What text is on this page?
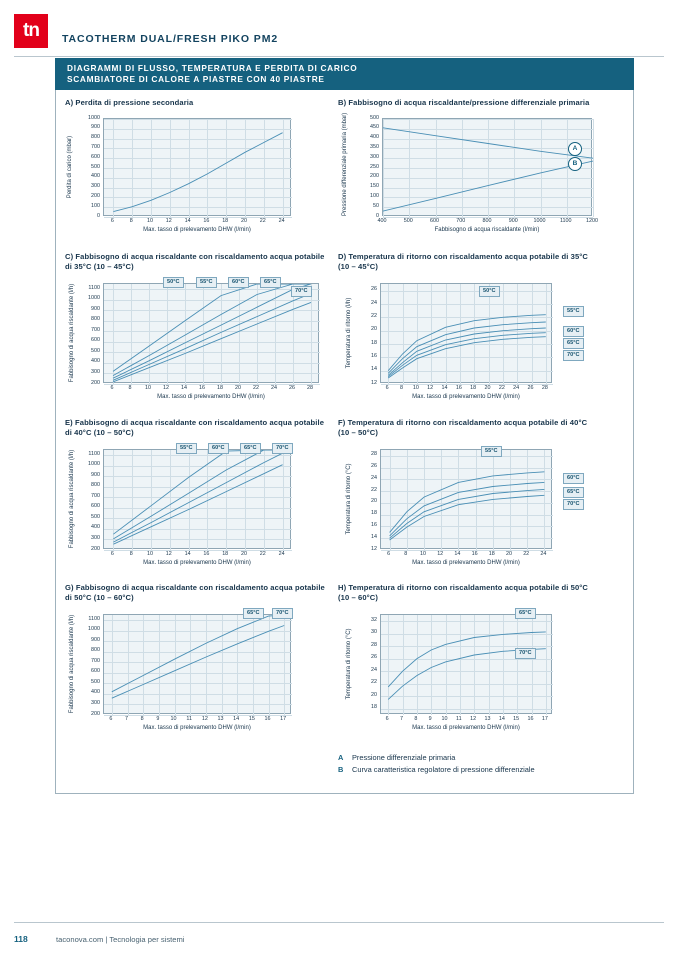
tn	TACOTHERM DUAL/FRESH PIKO PM2
DIAGRAMMI DI FLUSSO, TEMPERATURA E PERDITA DI CARICO
SCAMBIATORE DI CALORE A PIASTRE CON 40 PIASTRE
A) Perdita di pressione secondaria
6	8	10	12	14	16	18	20	22	24
0
100
200
300
400
500
600
700
800
900
1000
Max. tasso di prelevamento DHW (l/min)
Perdita di carico (mbar)
B) Fabbisogno di acqua riscaldante/pressione differenziale primaria
400	500	600	700	800	900	1000	1100	1200
0
50
100
150
200
250
300
350
400
450
500
Fabbisogno di acqua riscaldante (l/min)
Pressione differenziale primaria (mbar)	A
B
C) Fabbisogno di acqua riscaldante con riscaldamento acqua potabile di 35°C (10 – 45°C)
6	8	10	12	14	16	18	20	22	24	26	28
200
300
400
500
600
700
800
900
1000
1100
Max. tasso di prelevamento DHW (l/min)
Fabbisogno di acqua riscaldante (l/h)
50°C	55°C	60°C	65°C
70°C
D) Temperatura di ritorno con riscaldamento acqua potabile di 35°C (10 – 45°C)
6	8	10	12	14	16	18	20	22	24	26	28
12
14
16
18
20
22
24
26
Max. tasso di prelevamento DHW (l/min)
Temperatura di ritorno (l/h)
50°C
55°C
60°C
65°C
70°C
E) Fabbisogno di acqua riscaldante con riscaldamento acqua potabile di 40°C (10 – 50°C)
6	8	10	12	14	16	18	20	22	24
200
300
400
500
600
700
800
900
1000
1100
Max. tasso di prelevamento DHW (l/min)
Fabbisogno di acqua riscaldante (l/h)
55°C	60°C	65°C	70°C
F) Temperatura di ritorno con riscaldamento acqua potabile di 40°C (10 – 50°C)
6	8	10	12	14	16	18	20	22	24
12
14
16
18
20
22
24
26
28
Max. tasso di prelevamento DHW (l/min)
Temperatura di ritorno (°C)
55°C
60°C
65°C
70°C
G) Fabbisogno di acqua riscaldante con riscaldamento acqua potabile di 50°C (10 – 60°C)
6	7	8	9	10	11	12	13	14	15	16	17
200
300
400
500
600
700
800
900
1000
1100
Max. tasso di prelevamento DHW (l/min)
Fabbisogno di acqua riscaldante (l/h)
65°C	70°C
H) Temperatura di ritorno con riscaldamento acqua potabile di 50°C (10 – 60°C)
6	7	8	9	10	11	12	13	14	15	16	17
18
20
22
24
26
28
30
32
Max. tasso di prelevamento DHW (l/min)
Temperatura di ritorno (°C)
65°C
70°C
A	Pressione differenziale primaria
B	Curva caratteristica regolatore di pressione differenziale
118	taconova.com | Tecnologia per sistemi
